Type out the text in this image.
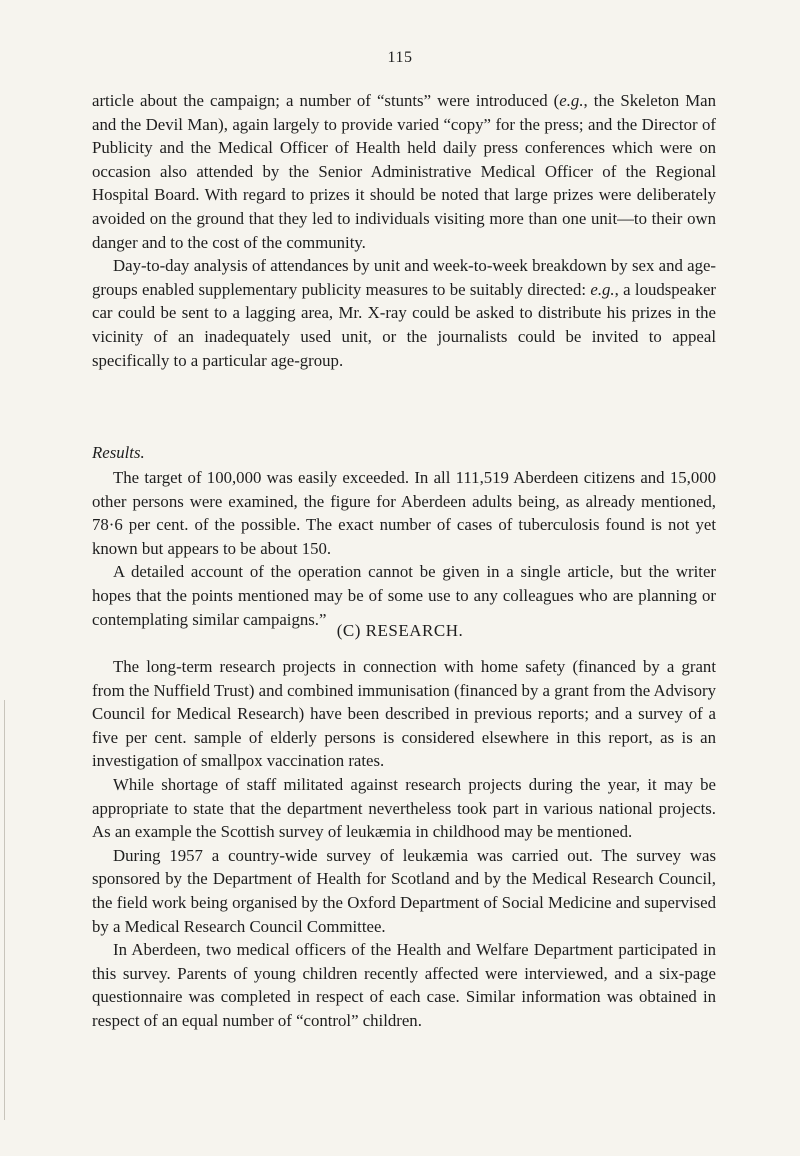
115

article about the campaign; a number of “stunts” were introduced (e.g., the Skeleton Man and the Devil Man), again largely to provide varied “copy” for the press; and the Director of Publicity and the Medical Officer of Health held daily press conferences which were on occasion also attended by the Senior Administrative Medical Officer of the Regional Hospital Board. With regard to prizes it should be noted that large prizes were deliberately avoided on the ground that they led to individuals visiting more than one unit—to their own danger and to the cost of the community.

Day-to-day analysis of attendances by unit and week-to-week breakdown by sex and age-groups enabled supplementary publicity measures to be suitably directed: e.g., a loudspeaker car could be sent to a lagging area, Mr. X-ray could be asked to distribute his prizes in the vicinity of an inadequately used unit, or the journalists could be invited to appeal specifically to a particular age-group.

Results.

The target of 100,000 was easily exceeded. In all 111,519 Aberdeen citizens and 15,000 other persons were examined, the figure for Aberdeen adults being, as already mentioned, 78·6 per cent. of the possible. The exact number of cases of tuberculosis found is not yet known but appears to be about 150.

A detailed account of the operation cannot be given in a single article, but the writer hopes that the points mentioned may be of some use to any colleagues who are planning or contemplating similar campaigns.”

(C) RESEARCH.

The long-term research projects in connection with home safety (financed by a grant from the Nuffield Trust) and combined immunisation (financed by a grant from the Advisory Council for Medical Research) have been described in previous reports; and a survey of a five per cent. sample of elderly persons is considered elsewhere in this report, as is an investigation of smallpox vaccination rates.

While shortage of staff militated against research projects during the year, it may be appropriate to state that the department nevertheless took part in various national projects. As an example the Scottish survey of leukæmia in childhood may be mentioned.

During 1957 a country-wide survey of leukæmia was carried out. The survey was sponsored by the Department of Health for Scotland and by the Medical Research Council, the field work being organised by the Oxford Department of Social Medicine and supervised by a Medical Research Council Committee.

In Aberdeen, two medical officers of the Health and Welfare Department participated in this survey. Parents of young children recently affected were interviewed, and a six-page questionnaire was completed in respect of each case. Similar information was obtained in respect of an equal number of “control” children.
